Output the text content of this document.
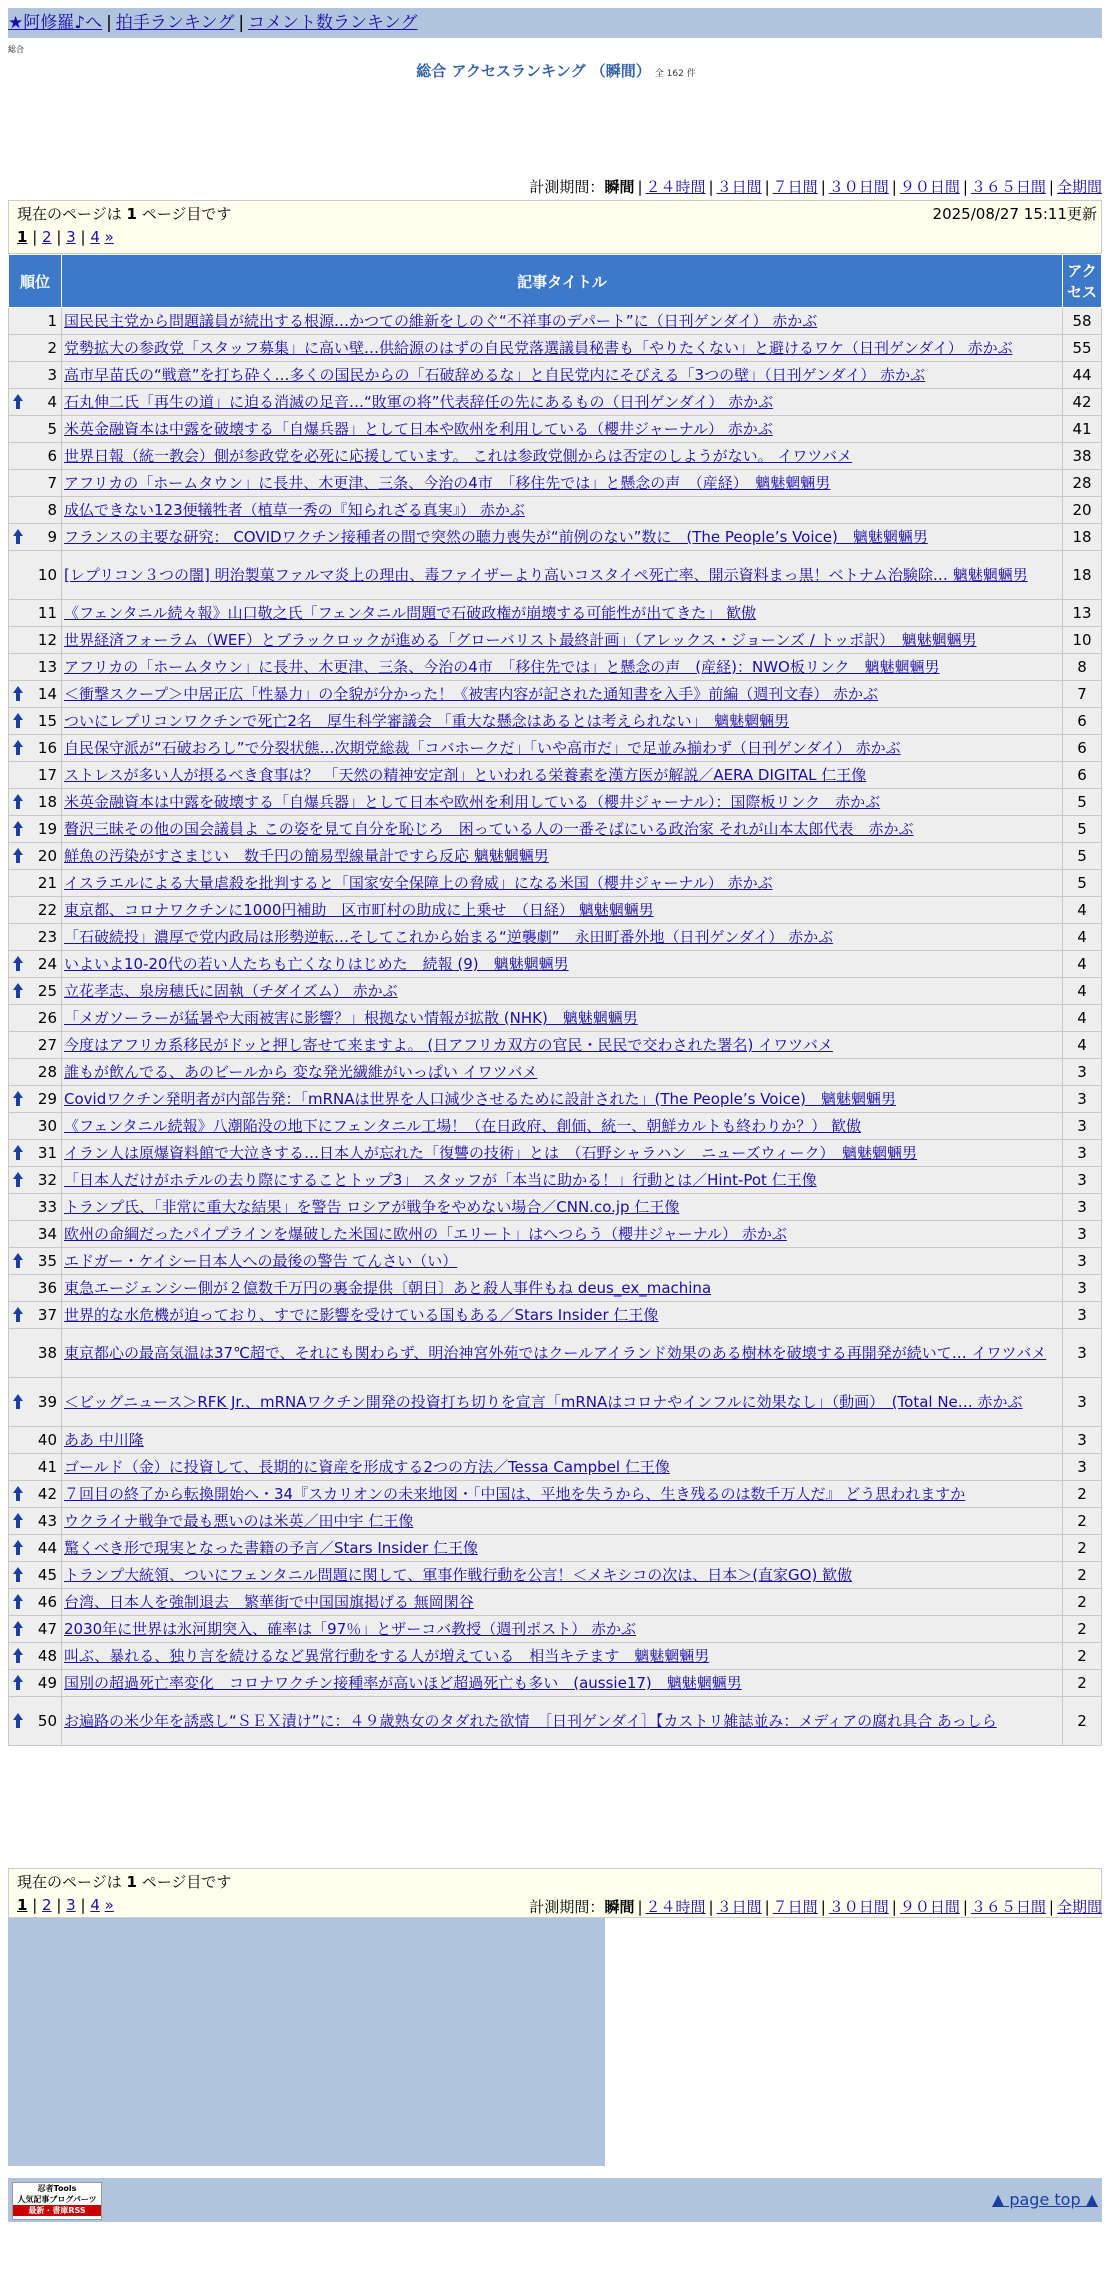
★阿修羅♪へ | 拍手ランキング | コメント数ランキング
総合
総合 アクセスランキング （瞬間） 全 162 件
計測期間：瞬間 | ２４時間 | ３日間 | ７日間 | ３０日間 | ９０日間 | ３６５日間 | 全期間
現在のページは 1 ページ目です	2025/08/27 15:11更新
1 | 2 | 3 | 4 »
順位	記事タイトル	アクセス
1	国民民主党から問題議員が続出する根源…かつての維新をしのぐ“不祥事のデパート”に（日刊ゲンダイ） 赤かぶ	58
2	党勢拡大の参政党「スタッフ募集」に高い壁…供給源のはずの自民党落選議員秘書も「やりたくない」と避けるワケ（日刊ゲンダイ） 赤かぶ	55
3	高市早苗氏の“戦意”を打ち砕く…多くの国民からの「石破辞めるな」と自民党内にそびえる「3つの壁」（日刊ゲンダイ） 赤かぶ	44

4	石丸伸二氏「再生の道」に迫る消滅の足音…“敗軍の将”代表辞任の先にあるもの（日刊ゲンダイ） 赤かぶ	42
5	米英金融資本は中露を破壊する「自爆兵器」として日本や欧州を利用している（櫻井ジャーナル） 赤かぶ	41
6	世界日報（統一教会）側が参政党を必死に応援しています。 これは参政党側からは否定のしようがない。 イワツバメ	38
7	アフリカの「ホームタウン」に長井、木更津、三条、今治の4市　「移住先では」と懸念の声　（産経）　魑魅魍魎男	28
8	成仏できない123便犠牲者（植草一秀の『知られざる真実』） 赤かぶ	20

9	フランスの主要な研究： COVIDワクチン接種者の間で突然の聴力喪失が“前例のない”数に　(The People’s Voice)　魑魅魍魎男	18
10	[レプリコン３つの闇] 明治製菓ファルマ炎上の理由、毒ファイザーより高いコスタイペ死亡率、開示資料まっ黒！ベトナム治験除… 魑魅魍魎男	18
11	《フェンタニル続々報》山口敬之氏「フェンタニル問題で石破政権が崩壊する可能性が出てきた」 歓傲	13
12	世界経済フォーラム（WEF）とブラックロックが進める「グローバリスト最終計画」（アレックス・ジョーンズ / トッポ訳）　魑魅魍魎男	10
13	アフリカの「ホームタウン」に長井、木更津、三条、今治の4市　「移住先では」と懸念の声　(産経)：NWO板リンク　魑魅魍魎男	8

14	＜衝撃スクープ＞中居正広「性暴力」の全貌が分かった！《被害内容が記された通知書を入手》前編（週刊文春） 赤かぶ	7

15	ついにレプリコンワクチンで死亡2名　厚生科学審議会 「重大な懸念はあるとは考えられない」　魑魅魍魎男	6

16	自民保守派が“石破おろし”で分裂状態…次期党総裁「コバホークだ」「いや高市だ」で足並み揃わず（日刊ゲンダイ） 赤かぶ	6
17	ストレスが多い人が摂るべき食事は？ 「天然の精神安定剤」といわれる栄養素を漢方医が解説／AERA DIGITAL 仁王像	6

18	米英金融資本は中露を破壊する「自爆兵器」として日本や欧州を利用している（櫻井ジャーナル）：国際板リンク　赤かぶ	5

19	贅沢三昧その他の国会議員よ この姿を見て自分を恥じろ　困っている人の一番そばにいる政治家 それが山本太郎代表　赤かぶ	5

20	鮮魚の汚染がすさまじい　数千円の簡易型線量計ですら反応 魑魅魍魎男	5
21	イスラエルによる大量虐殺を批判すると「国家安全保障上の脅威」になる米国（櫻井ジャーナル） 赤かぶ	5
22	東京都、コロナワクチンに1000円補助　区市町村の助成に上乗せ　（日経） 魑魅魍魎男	4
23	「石破続投」濃厚で党内政局は形勢逆転…そしてこれから始まる“逆襲劇”　永田町番外地（日刊ゲンダイ） 赤かぶ	4

24	いよいよ10-20代の若い人たちも亡くなりはじめた　続報 (9)　魑魅魍魎男	4

25	立花孝志、泉房穂氏に固執（チダイズム） 赤かぶ	4
26	「メガソーラーが猛暑や大雨被害に影響？」根拠ない情報が拡散 (NHK)　魑魅魍魎男	4
27	今度はアフリカ系移民がドッと押し寄せて来ますよ。 (日アフリカ双方の官民・民民で交わされた署名) イワツバメ	4
28	誰もが飲んでる、あのビールから 変な発光繊維がいっぱい イワツバメ	3

29	Covidワクチン発明者が内部告発：「mRNAは世界を人口減少させるために設計された」(The People’s Voice)　魑魅魍魎男	3
30	《フェンタニル続報》八潮陥没の地下にフェンタニル工場！（在日政府、創価、統一、朝鮮カルトも終わりか？） 歓傲	3

31	イラン人は原爆資料館で大泣きする…日本人が忘れた「復讐の技術」とは　（石野シャラハン　ニューズウィーク）　魑魅魍魎男	3

32	「日本人だけがホテルの去り際にすることトップ3」 スタッフが「本当に助かる！」行動とは／Hint-Pot 仁王像	3
33	トランプ氏、「非常に重大な結果」を警告 ロシアが戦争をやめない場合／CNN.co.jp 仁王像	3
34	欧州の命綱だったパイプラインを爆破した米国に欧州の「エリート」はへつらう（櫻井ジャーナル） 赤かぶ	3

35	エドガー・ケイシー日本人への最後の警告 てんさい（い）	3
36	東急エージェンシー側が２億数千万円の裏金提供〔朝日〕あと殺人事件もね deus_ex_machina	3

37	世界的な水危機が迫っており、すでに影響を受けている国もある／Stars Insider 仁王像	3
38	東京都心の最高気温は37℃超で、それにも関わらず、明治神宮外苑ではクールアイランド効果のある樹林を破壊する再開発が続いて… イワツバメ	3

39	＜ビッグニュース＞RFK Jr.、mRNAワクチン開発の投資打ち切りを宣言「mRNAはコロナやインフルに効果なし」（動画）　(Total Ne… 赤かぶ	3
40	ああ 中川隆	3
41	ゴールド（金）に投資して、長期的に資産を形成する2つの方法／Tessa Campbel 仁王像	3

42	７回目の終了から転換開始へ・34『スカリオンの未来地図・「中国は、平地を失うから、生き残るのは数千万人だ』 どう思われますか	2

43	ウクライナ戦争で最も悪いのは米英／田中宇 仁王像	2

44	驚くべき形で現実となった書籍の予言／Stars Insider 仁王像	2

45	トランプ大統領、ついにフェンタニル問題に関して、軍事作戦行動を公言！＜メキシコの次は、日本＞(直家GO) 歓傲	2

46	台湾、日本人を強制退去　繁華街で中国国旗掲げる 無岡閑谷	2

47	2030年に世界は氷河期突入、確率は「97％」とザーコバ教授（週刊ポスト） 赤かぶ	2

48	叫ぶ、暴れる、独り言を続けるなど異常行動をする人が増えている　相当キテます　魑魅魍魎男	2

49	国別の超過死亡率変化　コロナワクチン接種率が高いほど超過死亡も多い　(aussie17)　魑魅魍魎男	2

50	お遍路の米少年を誘惑し“ＳＥＸ漬け”に：４９歳熟女のタダれた欲情　［日刊ゲンダイ］【カストリ雑誌並み：メディアの腐れ具合 あっしら	2
現在のページは 1 ページ目です
1 | 2 | 3 | 4 »	計測期間：瞬間 | ２４時間 | ３日間 | ７日間 | ３０日間 | ９０日間 | ３６５日間 | 全期間
忍者Tools
人気記事ブログパーツ
最新・書庫RSS
▲ page top ▲
